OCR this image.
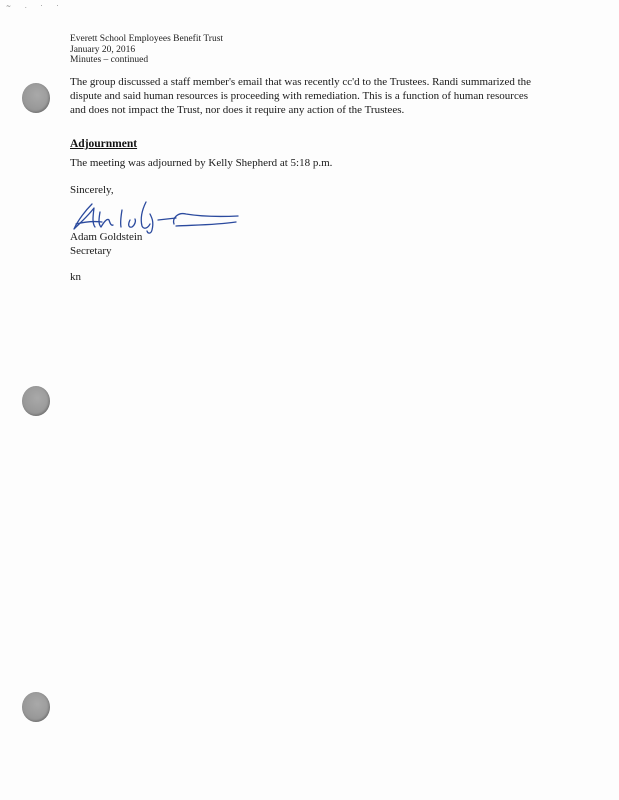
~ . · ·
Everett School Employees Benefit Trust
January 20, 2016
Minutes – continued
The group discussed a staff member's email that was recently cc'd to the Trustees. Randi summarized the dispute and said human resources is proceeding with remediation. This is a function of human resources and does not impact the Trust, nor does it require any action of the Trustees.
Adjournment
The meeting was adjourned by Kelly Shepherd at 5:18 p.m.
Sincerely,
Adam Goldstein
Secretary
kn
